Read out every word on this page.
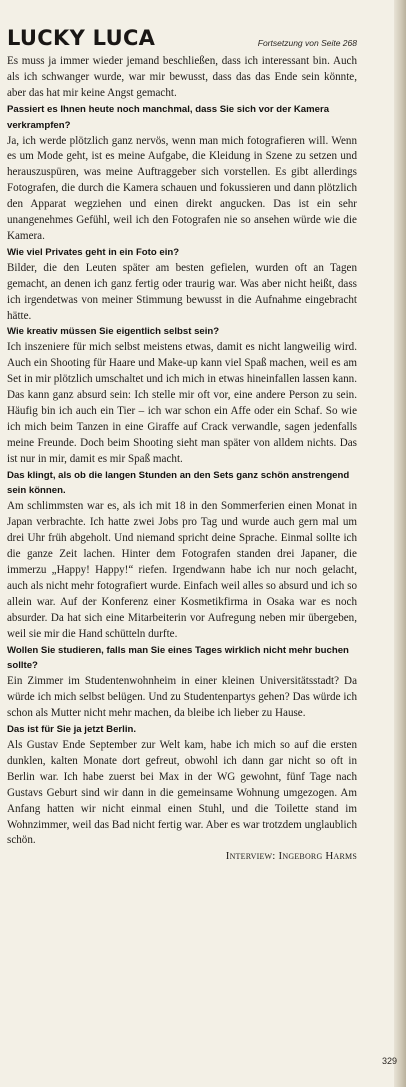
LUCKY LUCA	Fortsetzung von Seite 268

Es muss ja immer wieder jemand beschließen, dass ich interessant bin. Auch als ich schwanger wurde, war mir bewusst, dass das das Ende sein könnte, aber das hat mir keine Angst gemacht.

Passiert es Ihnen heute noch manchmal, dass Sie sich vor der Kamera verkrampfen?

Ja, ich werde plötzlich ganz nervös, wenn man mich fotografieren will. Wenn es um Mode geht, ist es meine Aufgabe, die Kleidung in Szene zu setzen und herauszuspüren, was meine Auftraggeber sich vorstellen. Es gibt allerdings Fotografen, die durch die Kamera schauen und fokussieren und dann plötzlich den Apparat wegziehen und einen direkt angucken. Das ist ein sehr unangenehmes Gefühl, weil ich den Fotografen nie so ansehen würde wie die Kamera.

Wie viel Privates geht in ein Foto ein?

Bilder, die den Leuten später am besten gefielen, wurden oft an Tagen gemacht, an denen ich ganz fertig oder traurig war. Was aber nicht heißt, dass ich irgendetwas von meiner Stimmung bewusst in die Aufnahme eingebracht hätte.

Wie kreativ müssen Sie eigentlich selbst sein?

Ich inszeniere für mich selbst meistens etwas, damit es nicht langweilig wird. Auch ein Shooting für Haare und Make-up kann viel Spaß machen, weil es am Set in mir plötzlich umschaltet und ich mich in etwas hineinfallen lassen kann. Das kann ganz absurd sein: Ich stelle mir oft vor, eine andere Person zu sein. Häufig bin ich auch ein Tier – ich war schon ein Affe oder ein Schaf. So wie ich mich beim Tanzen in eine Giraffe auf Crack verwandle, sagen jedenfalls meine Freunde. Doch beim Shooting sieht man später von alldem nichts. Das ist nur in mir, damit es mir Spaß macht.

Das klingt, als ob die langen Stunden an den Sets ganz schön anstrengend sein können.

Am schlimmsten war es, als ich mit 18 in den Sommerferien einen Monat in Japan verbrachte. Ich hatte zwei Jobs pro Tag und wurde auch gern mal um drei Uhr früh abgeholt. Und niemand spricht deine Sprache. Einmal sollte ich die ganze Zeit lachen. Hinter dem Fotografen standen drei Japaner, die immerzu „Happy! Happy!“ riefen. Irgendwann habe ich nur noch gelacht, auch als nicht mehr fotografiert wurde. Einfach weil alles so absurd und ich so allein war. Auf der Konferenz einer Kosmetikfirma in Osaka war es noch absurder. Da hat sich eine Mitarbeiterin vor Aufregung neben mir übergeben, weil sie mir die Hand schütteln durfte.

Wollen Sie studieren, falls man Sie eines Tages wirklich nicht mehr buchen sollte?

Ein Zimmer im Studentenwohnheim in einer kleinen Universitätsstadt? Da würde ich mich selbst belügen. Und zu Studentenpartys gehen? Das würde ich schon als Mutter nicht mehr machen, da bleibe ich lieber zu Hause.

Das ist für Sie ja jetzt Berlin.

Als Gustav Ende September zur Welt kam, habe ich mich so auf die ersten dunklen, kalten Monate dort gefreut, obwohl ich dann gar nicht so oft in Berlin war. Ich habe zuerst bei Max in der WG gewohnt, fünf Tage nach Gustavs Geburt sind wir dann in die gemeinsame Wohnung umgezogen. Am Anfang hatten wir nicht einmal einen Stuhl, und die Toilette stand im Wohnzimmer, weil das Bad nicht fertig war. Aber es war trotzdem unglaublich schön.

Interview: Ingeborg Harms
329
